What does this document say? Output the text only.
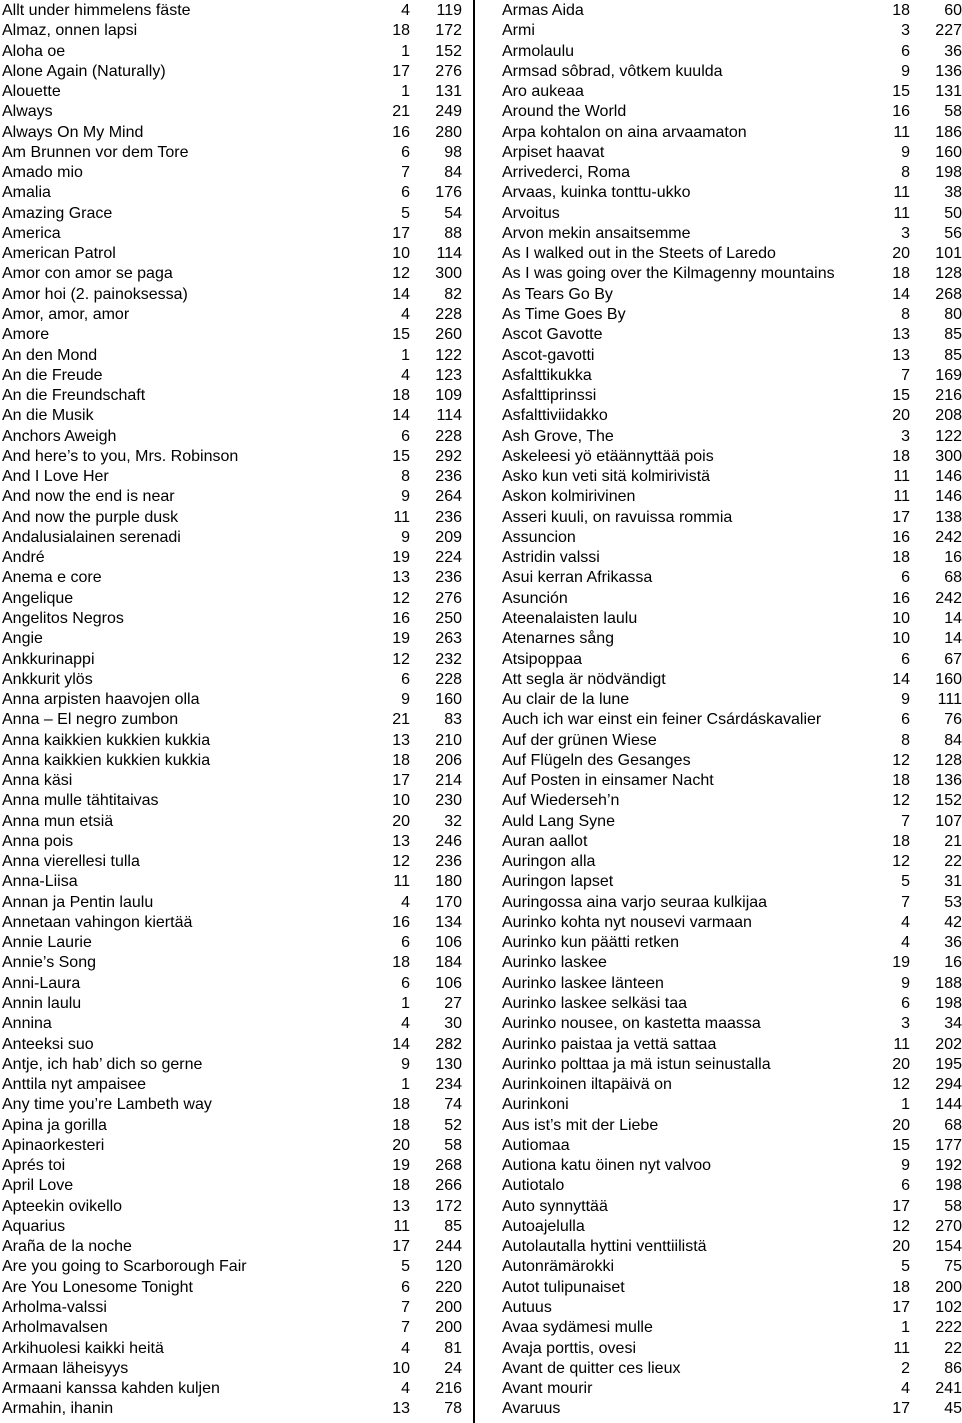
Allt under himmelens fäste	4	119
Almaz, onnen lapsi	18	172
Aloha oe	1	152
Alone Again (Naturally)	17	276
Alouette	1	131
Always	21	249
Always On My Mind	16	280
Am Brunnen vor dem Tore	6	98
Amado mio	7	84
Amalia	6	176
Amazing Grace	5	54
America	17	88
American Patrol	10	114
Amor con amor se paga	12	300
Amor hoi (2. painoksessa)	14	82
Amor, amor, amor	4	228
Amore	15	260
An den Mond	1	122
An die Freude	4	123
An die Freundschaft	18	109
An die Musik	14	114
Anchors Aweigh	6	228
And here’s to you, Mrs. Robinson	15	292
And I Love Her	8	236
And now the end is near	9	264
And now the purple dusk	11	236
Andalusialainen serenadi	9	209
André	19	224
Anema e core	13	236
Angelique	12	276
Angelitos Negros	16	250
Angie	19	263
Ankkurinappi	12	232
Ankkurit ylös	6	228
Anna arpisten haavojen olla	9	160
Anna – El negro zumbon	21	83
Anna kaikkien kukkien kukkia	13	210
Anna kaikkien kukkien kukkia	18	206
Anna käsi	17	214
Anna mulle tähtitaivas	10	230
Anna mun etsiä	20	32
Anna pois	13	246
Anna vierellesi tulla	12	236
Anna-Liisa	11	180
Annan ja Pentin laulu	4	170
Annetaan vahingon kiertää	16	134
Annie Laurie	6	106
Annie’s Song	18	184
Anni-Laura	6	106
Annin laulu	1	27
Annina	4	30
Anteeksi suo	14	282
Antje, ich hab’ dich so gerne	9	130
Anttila nyt ampaisee	1	234
Any time you’re Lambeth way	18	74
Apina ja gorilla	18	52
Apinaorkesteri	20	58
Aprés toi	19	268
April Love	18	266
Apteekin ovikello	13	172
Aquarius	11	85
Araña de la noche	17	244
Are you going to Scarborough Fair	5	120
Are You Lonesome Tonight	6	220
Arholma-valssi	7	200
Arholmavalsen	7	200
Arkihuolesi kaikki heitä	4	81
Armaan läheisyys	10	24
Armaani kanssa kahden kuljen	4	216
Armahin, ihanin	13	78
Armas Aida	18	60
Armi	3	227
Armolaulu	6	36
Armsad sôbrad, vôtkem kuulda	9	136
Aro aukeaa	15	131
Around the World	16	58
Arpa kohtalon on aina arvaamaton	11	186
Arpiset haavat	9	160
Arrivederci, Roma	8	198
Arvaas, kuinka tonttu-ukko	11	38
Arvoitus	11	50
Arvon mekin ansaitsemme	3	56
As I walked out in the Steets of Laredo	20	101
As I was going over the Kilmagenny mountains	18	128
As Tears Go By	14	268
As Time Goes By	8	80
Ascot Gavotte	13	85
Ascot-gavotti	13	85
Asfalttikukka	7	169
Asfalttiprinssi	15	216
Asfalttiviidakko	20	208
Ash Grove, The	3	122
Askeleesi yö etäännyttää pois	18	300
Asko kun veti sitä kolmirivistä	11	146
Askon kolmirivinen	11	146
Asseri kuuli, on ravuissa rommia	17	138
Assuncion	16	242
Astridin valssi	18	16
Asui kerran Afrikassa	6	68
Asunción	16	242
Ateenalaisten laulu	10	14
Atenarnes sång	10	14
Atsipoppaa	6	67
Att segla är nödvändigt	14	160
Au clair de la lune	9	111
Auch ich war einst ein feiner Csárdáskavalier	6	76
Auf der grünen Wiese	8	84
Auf Flügeln des Gesanges	12	128
Auf Posten in einsamer Nacht	18	136
Auf Wiederseh’n	12	152
Auld Lang Syne	7	107
Auran aallot	18	21
Auringon alla	12	22
Auringon lapset	5	31
Auringossa aina varjo seuraa kulkijaa	7	53
Aurinko kohta nyt nousevi varmaan	4	42
Aurinko kun päätti retken	4	36
Aurinko laskee	19	16
Aurinko laskee länteen	9	188
Aurinko laskee selkäsi taa	6	198
Aurinko nousee, on kastetta maassa	3	34
Aurinko paistaa ja vettä sattaa	11	202
Aurinko polttaa ja mä istun seinustalla	20	195
Aurinkoinen iltapäivä on	12	294
Aurinkoni	1	144
Aus ist’s mit der Liebe	20	68
Autiomaa	15	177
Autiona katu öinen nyt valvoo	9	192
Autiotalo	6	198
Auto synnyttää	17	58
Autoajelulla	12	270
Autolautalla hyttini venttiilistä	20	154
Autonrämärokki	5	75
Autot tulipunaiset	18	200
Autuus	17	102
Avaa sydämesi mulle	1	222
Avaja porttis, ovesi	11	22
Avant de quitter ces lieux	2	86
Avant mourir	4	241
Avaruus	17	45
